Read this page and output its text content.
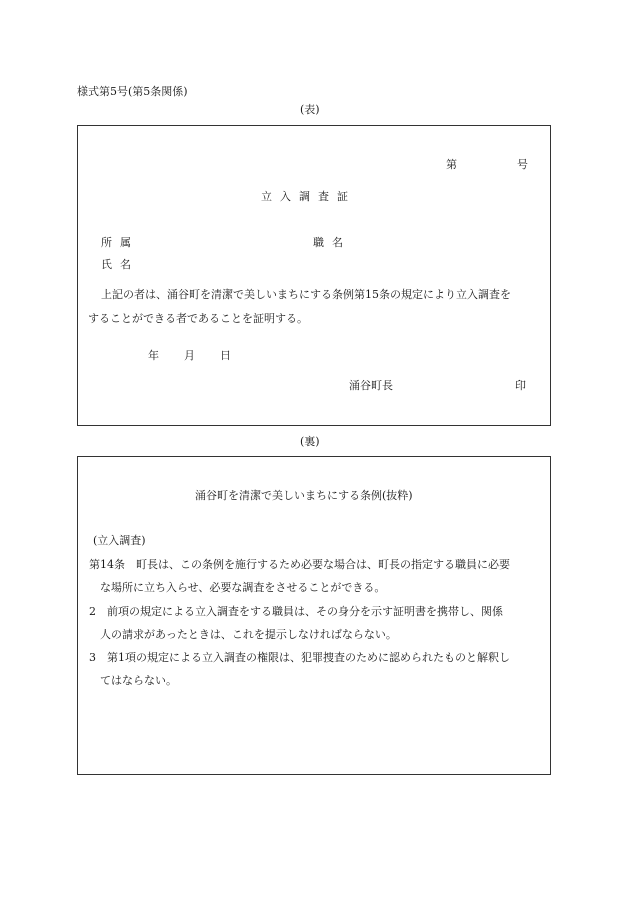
様式第5号(第5条関係)
(表)
第	号
立入調査証
所属	職名
氏名
上記の者は、涌谷町を清潔で美しいまちにする条例第15条の規定により立入調査を
することができる者であることを証明する。
年 月 日
涌谷町長	印
(裏)
涌谷町を清潔で美しいまちにする条例(抜粋)
(立入調査)
第14条　町長は、この条例を施行するため必要な場合は、町長の指定する職員に必要
な場所に立ち入らせ、必要な調査をさせることができる。
2　前項の規定による立入調査をする職員は、その身分を示す証明書を携帯し、関係
人の請求があったときは、これを提示しなければならない。
3　第1項の規定による立入調査の権限は、犯罪捜査のために認められたものと解釈し
てはならない。
